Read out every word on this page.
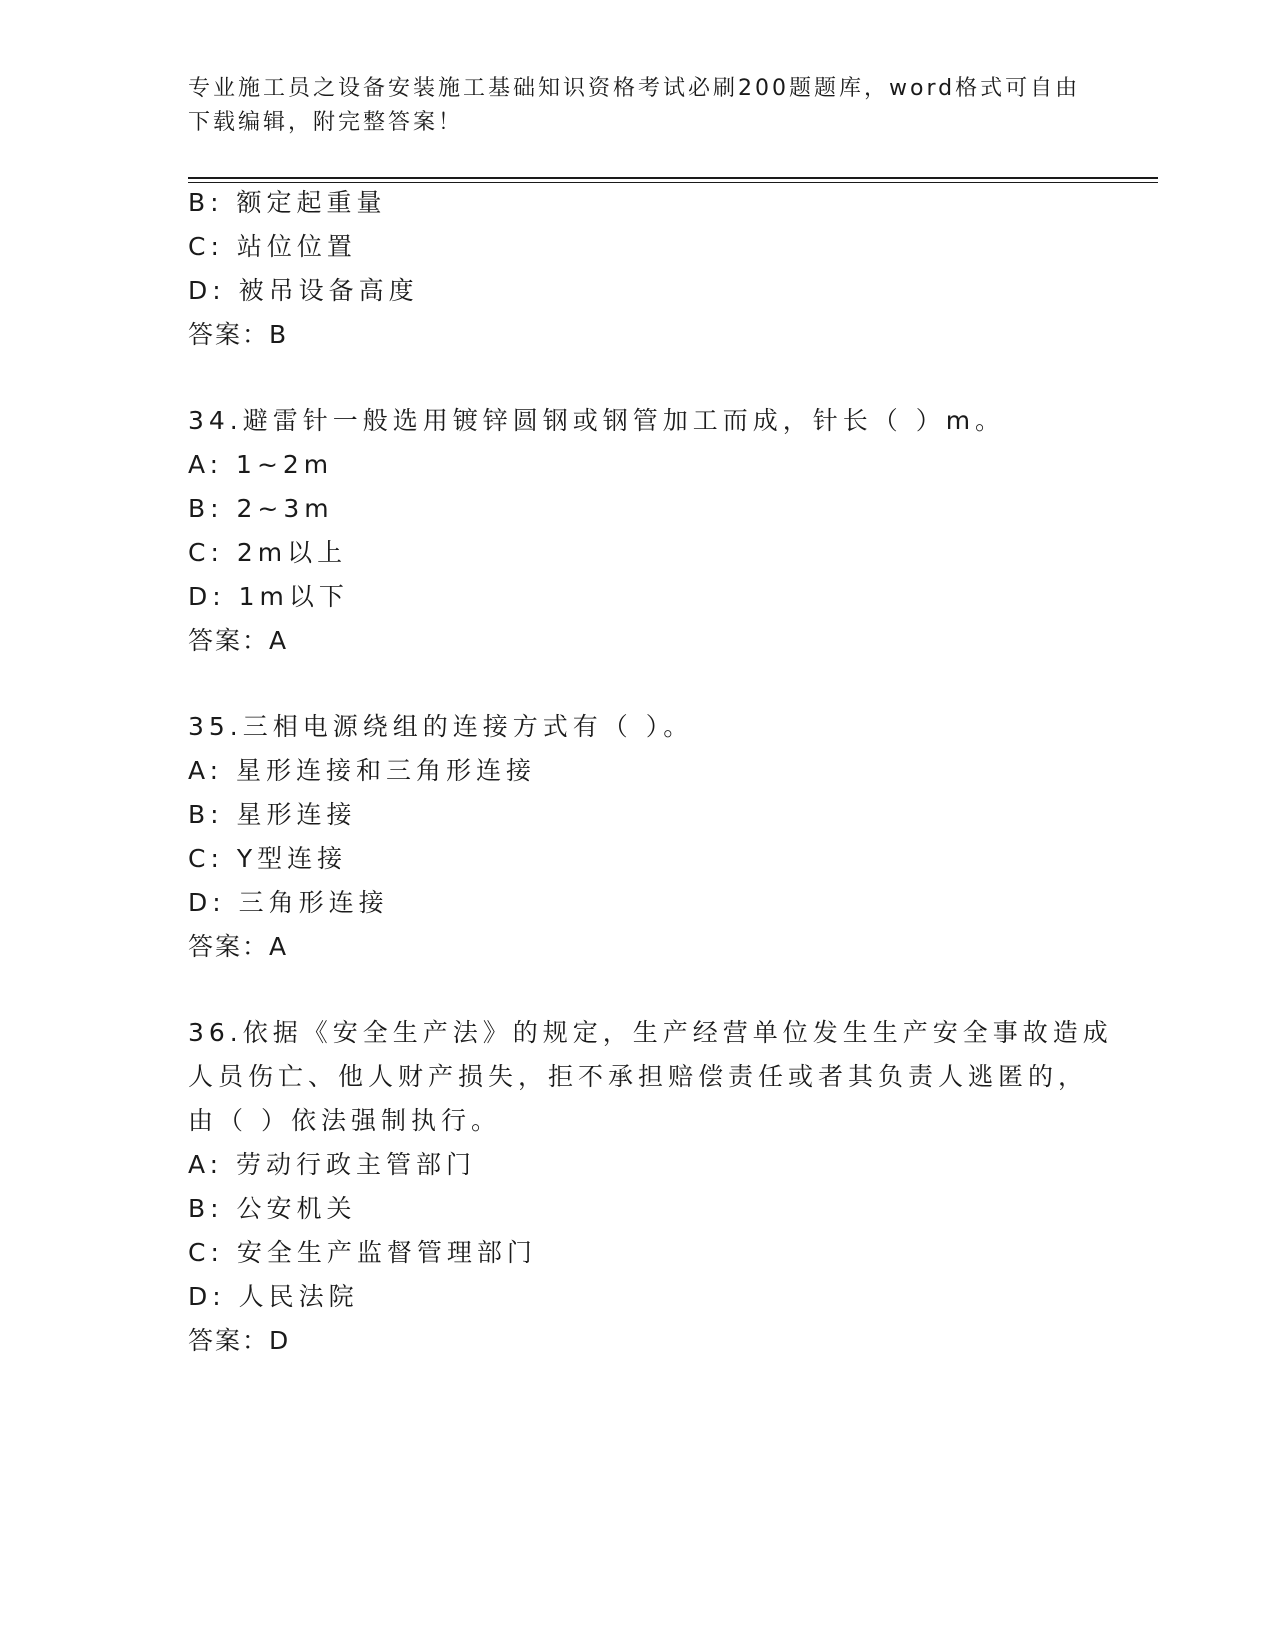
专业施工员之设备安装施工基础知识资格考试必刷200题题库，word格式可自由
下载编辑，附完整答案！
B: 额定起重量
C: 站位位置
D: 被吊设备高度
答案：B
34.避雷针一般选用镀锌圆钢或钢管加工而成，针长（ ）m。
A: 1~2m
B: 2~3m
C: 2m以上
D: 1m以下
答案：A
35.三相电源绕组的连接方式有（ ）。
A: 星形连接和三角形连接
B: 星形连接
C: Y型连接
D: 三角形连接
答案：A
36.依据《安全生产法》的规定，生产经营单位发生生产安全事故造成
人员伤亡、他人财产损失，拒不承担赔偿责任或者其负责人逃匿的，
由（ ）依法强制执行。
A: 劳动行政主管部门
B: 公安机关
C: 安全生产监督管理部门
D: 人民法院
答案：D
